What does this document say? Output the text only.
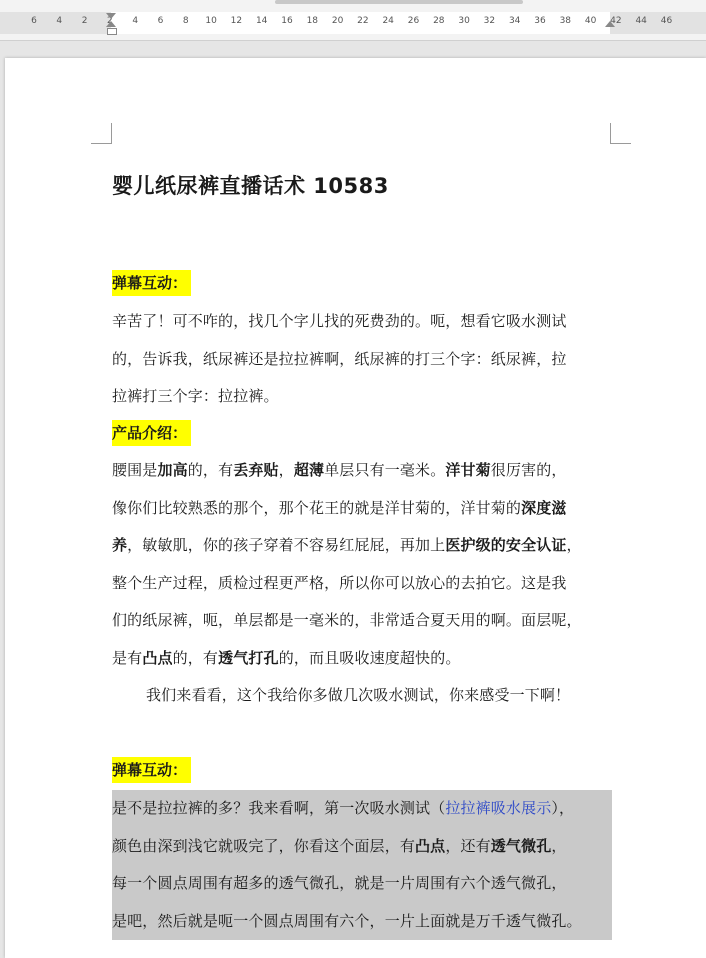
6 4 2 2 4 6 8 10 12 14 16 18 20 22 24 26 28 30 32 34 36 38 40 42 44 46
婴儿纸尿裤直播话术 10583
弹幕互动：

辛苦了！可不咋的，找几个字儿找的死费劲的。呃，想看它吸水测试

的，告诉我，纸尿裤还是拉拉裤啊，纸尿裤的打三个字：纸尿裤，拉

拉裤打三个字：拉拉裤。

产品介绍：

腰围是加高的，有丢弃贴，超薄单层只有一毫米。洋甘菊很厉害的，

像你们比较熟悉的那个，那个花王的就是洋甘菊的，洋甘菊的深度滋

养，敏敏肌，你的孩子穿着不容易红屁屁，再加上医护级的安全认证，

整个生产过程，质检过程更严格，所以你可以放心的去拍它。这是我

们的纸尿裤，呃，单层都是一毫米的，非常适合夏天用的啊。面层呢，

是有凸点的，有透气打孔的，而且吸收速度超快的。

我们来看看，这个我给你多做几次吸水测试，你来感受一下啊！

弹幕互动：

是不是拉拉裤的多？我来看啊，第一次吸水测试（拉拉裤吸水展示），

颜色由深到浅它就吸完了，你看这个面层，有凸点，还有透气微孔，

每一个圆点周围有超多的透气微孔，就是一片周围有六个透气微孔，

是吧，然后就是呃一个圆点周围有六个，一片上面就是万千透气微孔。
